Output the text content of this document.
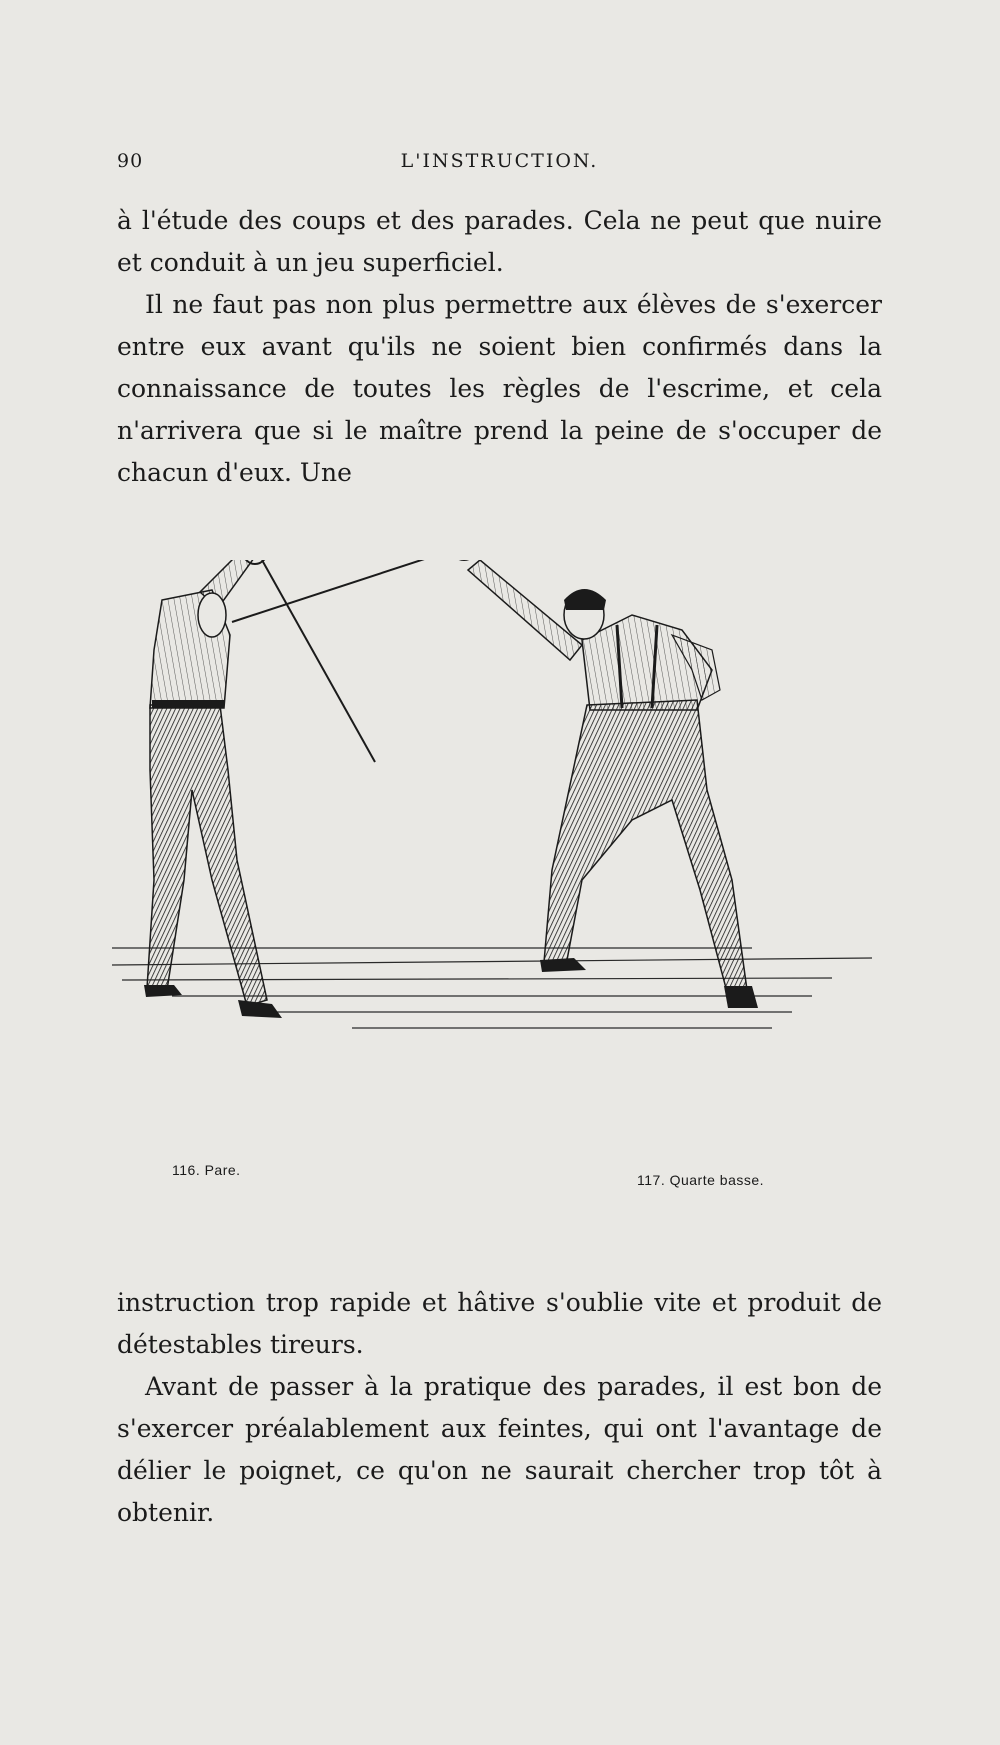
90	L'INSTRUCTION.

à l'étude des coups et des parades. Cela ne peut que nuire et conduit à un jeu superficiel.

Il ne faut pas non plus permettre aux élèves de s'exercer entre eux avant qu'ils ne soient bien confirmés dans la connaissance de toutes les règles de l'escrime, et cela n'arrivera que si le maître prend la peine de s'occuper de chacun d'eux. Une

116. Pare.
117. Quarte basse.

instruction trop rapide et hâtive s'oublie vite et produit de détestables tireurs.

Avant de passer à la pratique des parades, il est bon de s'exercer préalablement aux feintes, qui ont l'avantage de délier le poignet, ce qu'on ne saurait chercher trop tôt à obtenir.
